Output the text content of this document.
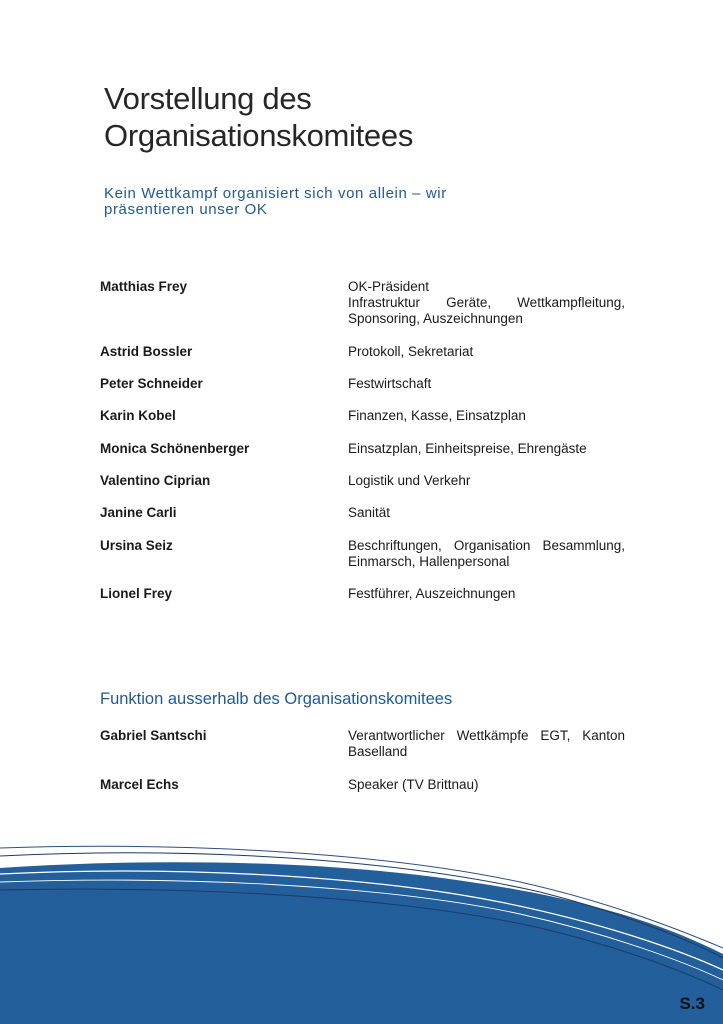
Vorstellung des
Organisationskomitees

Kein Wettkampf organisiert sich von allein – wir
präsentieren unser OK

Matthias Frey	OK-Präsident
Infrastruktur Geräte, Wettkampfleitung,
Sponsoring, Auszeichnungen
Astrid Bossler	Protokoll, Sekretariat
Peter Schneider	Festwirtschaft
Karin Kobel	Finanzen, Kasse, Einsatzplan
Monica Schönenberger	Einsatzplan, Einheitspreise, Ehrengäste
Valentino Ciprian	Logistik und Verkehr
Janine Carli	Sanität
Ursina Seiz	Beschriftungen, Organisation Besammlung,
Einmarsch, Hallenpersonal
Lionel Frey	Festführer, Auszeichnungen
Funktion ausserhalb des Organisationskomitees
Gabriel Santschi	Verantwortlicher Wettkämpfe EGT, Kanton
Baselland
Marcel Echs	Speaker (TV Brittnau)
S.3
